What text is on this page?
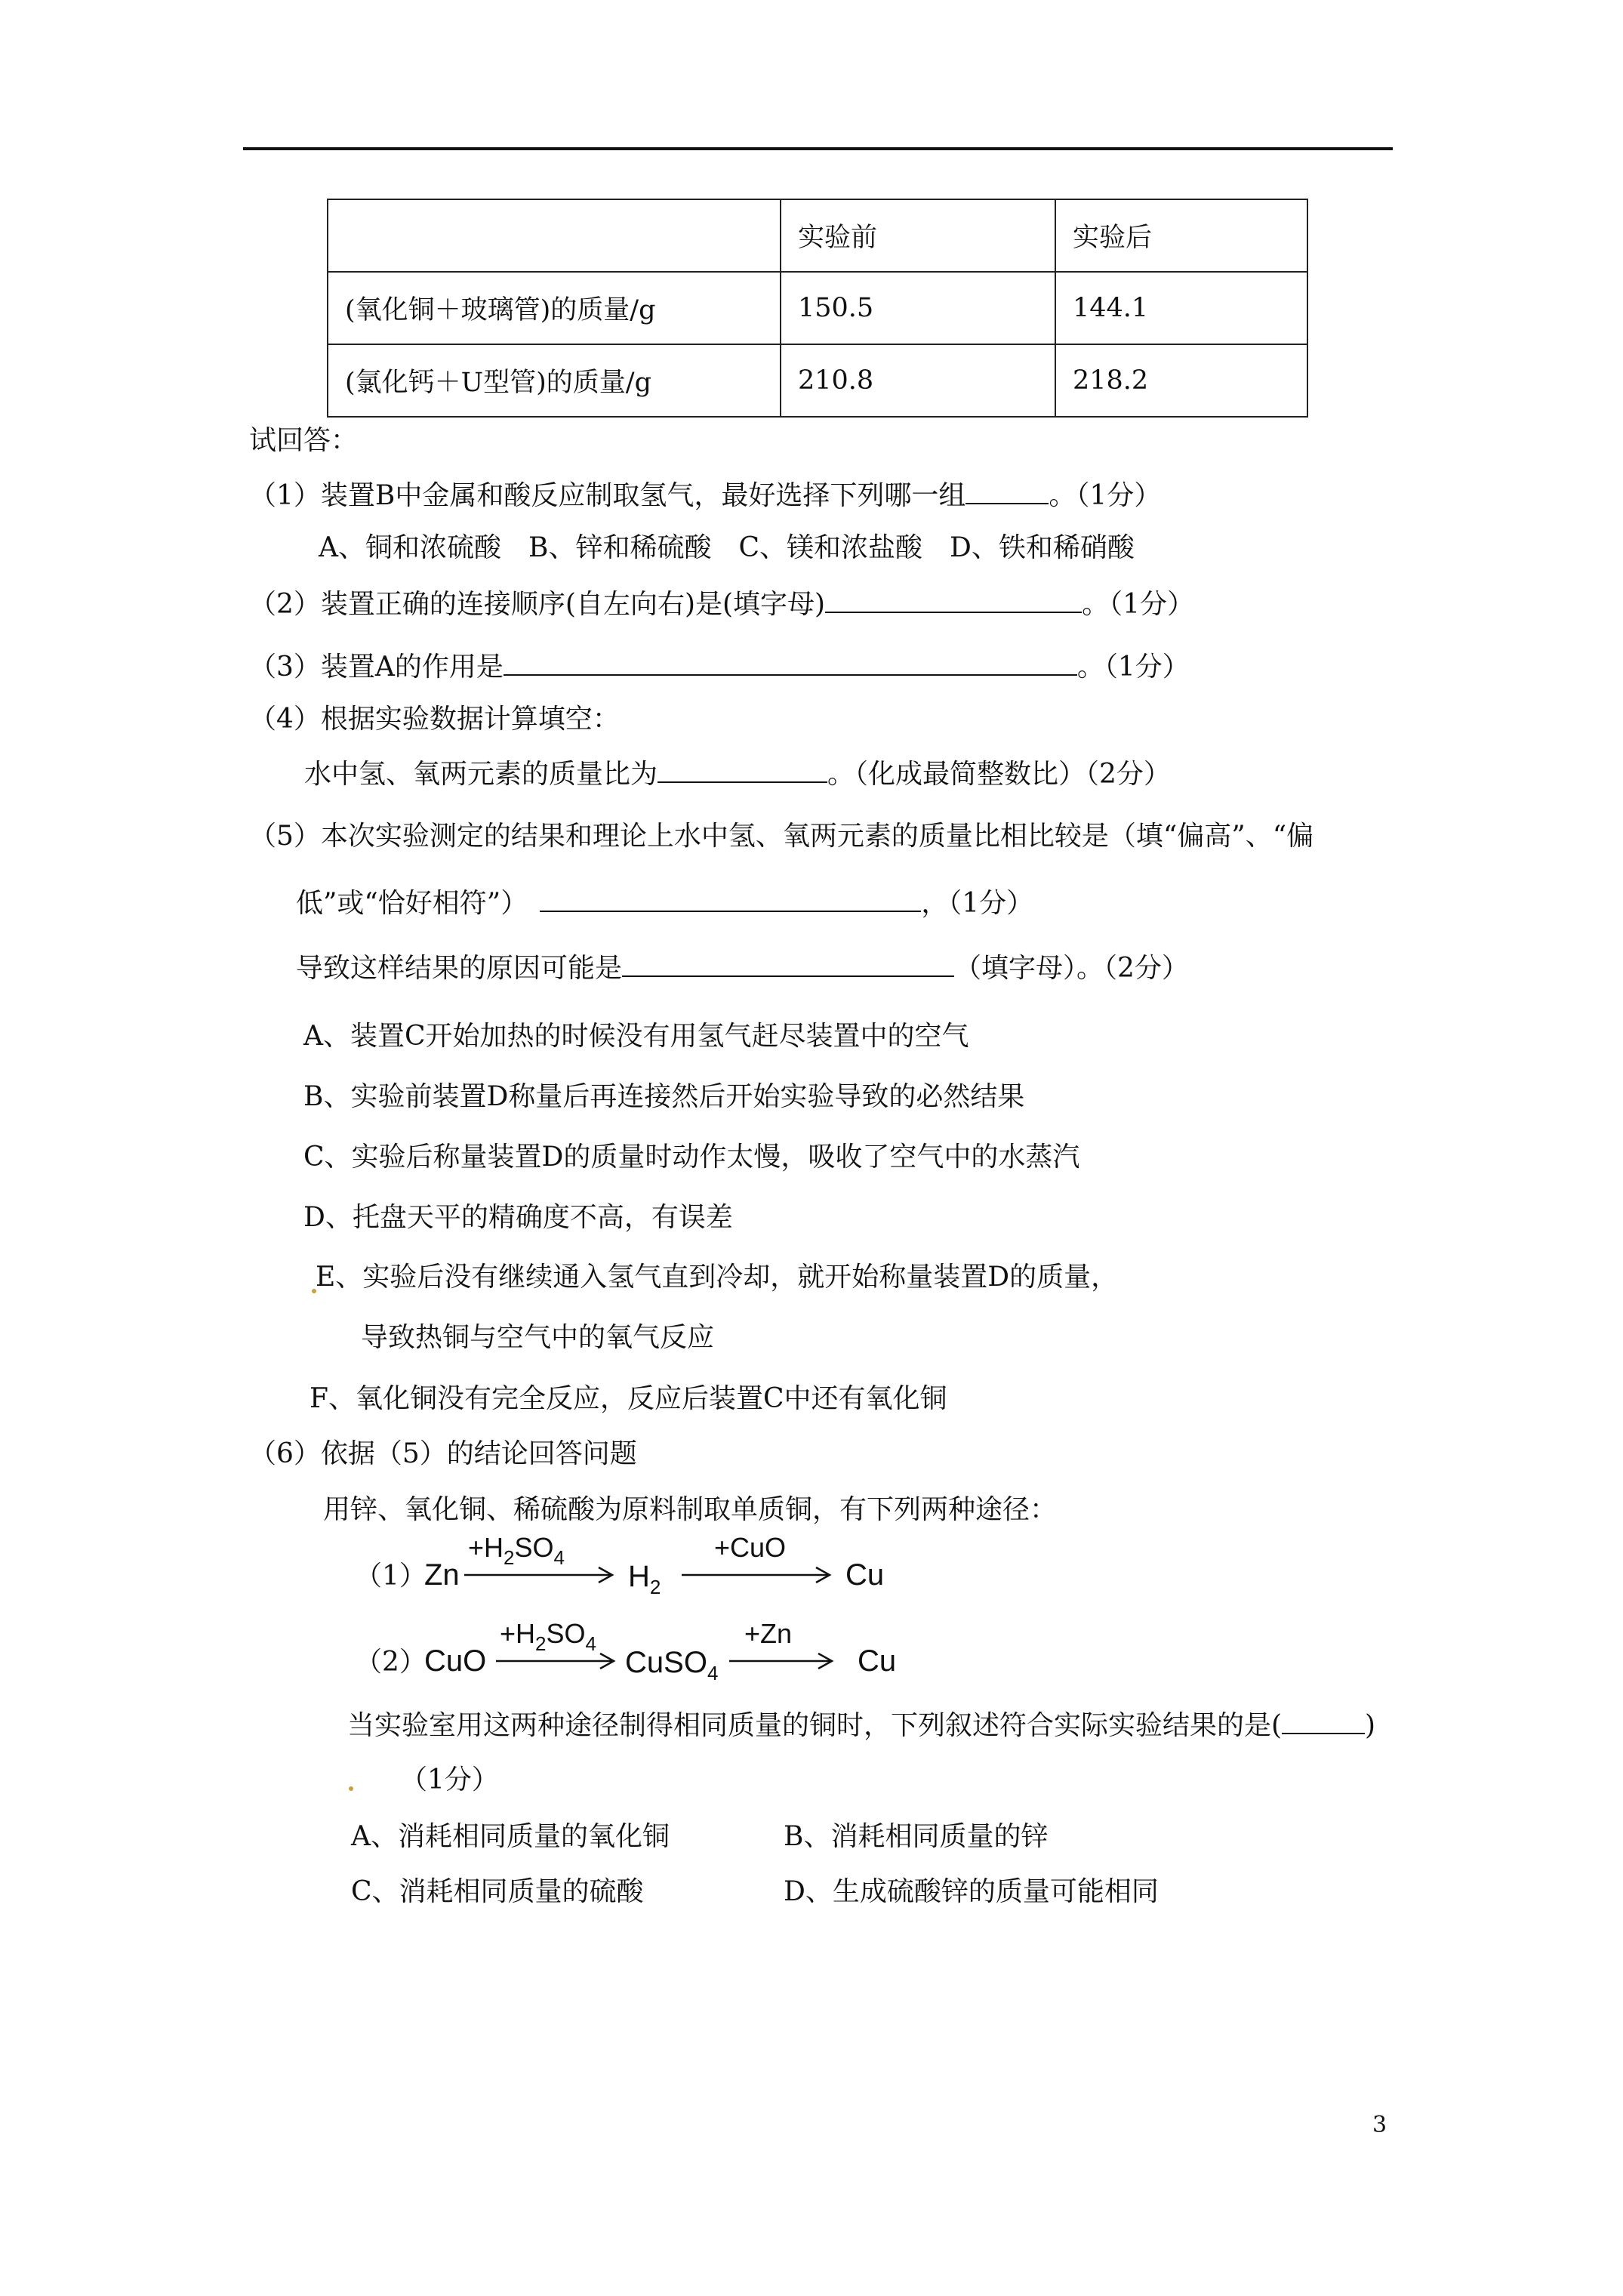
	实验前	实验后
(氧化铜＋玻璃管)的质量/g	150.5	144.1
(氯化钙＋U型管)的质量/g	210.8	218.2
试回答：
（1）装置B中金属和酸反应制取氢气，最好选择下列哪一组	。（1分）
A、铜和浓硫酸　B、锌和稀硫酸　C、镁和浓盐酸　D、铁和稀硝酸
（2）装置正确的连接顺序(自左向右)是(填字母)	。（1分）
（3）装置A的作用是	。（1分）
（4）根据实验数据计算填空：
水中氢、氧两元素的质量比为	。（化成最简整数比）（2分）
（5）本次实验测定的结果和理论上水中氢、氧两元素的质量比相比较是（填“偏高”、“偏
低”或“恰好相符”）	，（1分）
导致这样结果的原因可能是	（填字母）。（2分）
A、装置C开始加热的时候没有用氢气赶尽装置中的空气
B、实验前装置D称量后再连接然后开始实验导致的必然结果
C、实验后称量装置D的质量时动作太慢，吸收了空气中的水蒸汽
D、托盘天平的精确度不高，有误差
E、实验后没有继续通入氢气直到冷却，就开始称量装置D的质量，
导致热铜与空气中的氧气反应
F、氧化铜没有完全反应，反应后装置C中还有氧化铜
（6）依据（5）的结论回答问题
用锌、氧化铜、稀硫酸为原料制取单质铜，有下列两种途径：
（1）
Zn
$+H_2SO_4$
$H_2$
+CuO
Cu
（2）
CuO
$+H_2SO_4$
CuSO$_4$
+Zn
Cu
当实验室用这两种途径制得相同质量的铜时，下列叙述符合实际实验结果的是(	)
（1分）
A、消耗相同质量的氧化铜	B、消耗相同质量的锌
C、消耗相同质量的硫酸	D、生成硫酸锌的质量可能相同
3
